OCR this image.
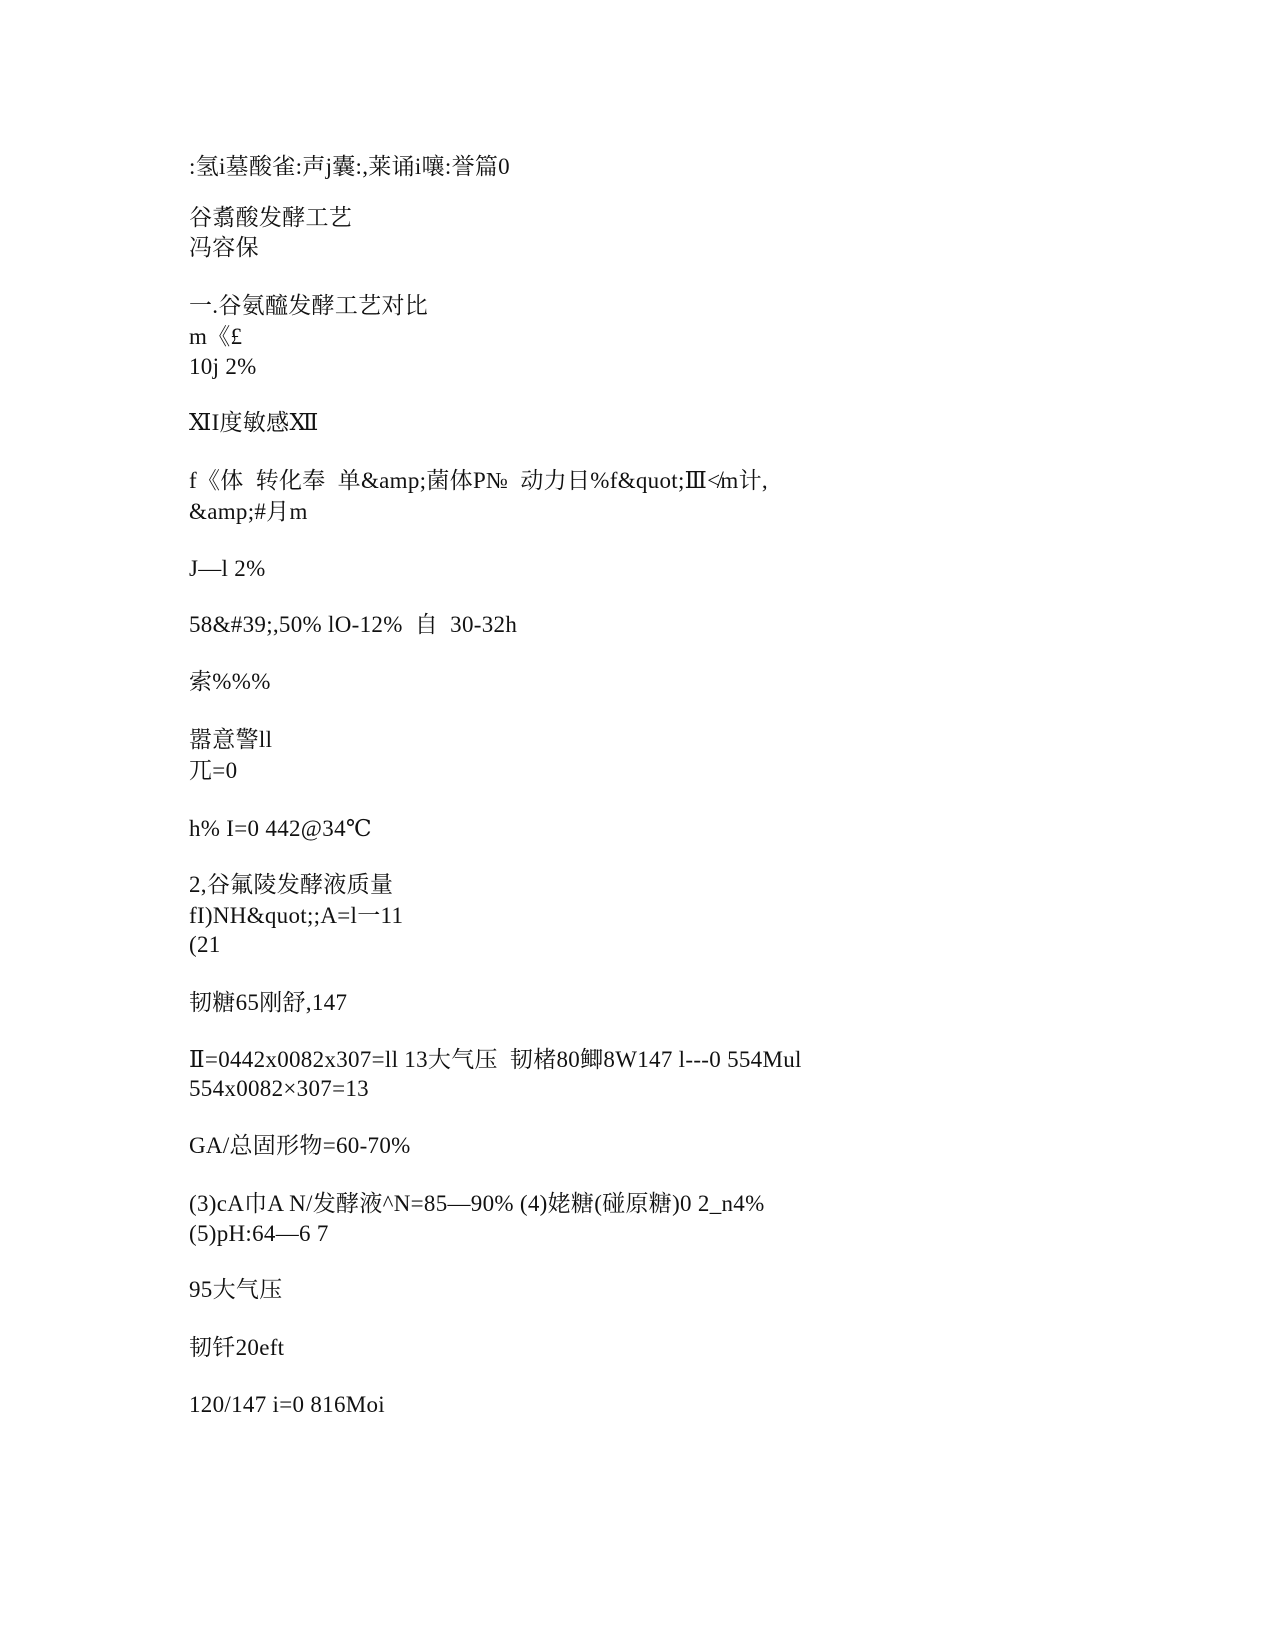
:氢i墓酸雀:声j囊:,莱诵i嚷:誉篇0
谷翥酸发酵工艺
冯容保
一.谷氨醯发酵工艺对比
m《£
10j 2%
ⅪI度敏感Ⅻ
f《体  转化奉  单&amp;菌体P№  动力日%f&quot;Ⅲ≮m计,
&amp;#月m
J—l 2%
58&#39;,50% lO-12%  自  30-32h
索%%%
嚣意警ll
兀=0
h% I=0 442@34℃
2,谷氟陵发酵液质量
fI)NH&quot;;A=l一11
(21
韧糖65刚舒,147
Ⅱ=0442x0082x307=ll 13大气压  韧楮80鲫8W147 l---0 554Mul
554x0082×307=13
GA/总固形物=60-70%
(3)cA巾A N/发酵液^N=85—90% (4)姥糖(碰原糖)0 2_n4%
(5)pH:64—6 7
95大气压
韧钎20eft
120/147 i=0 816Moi
